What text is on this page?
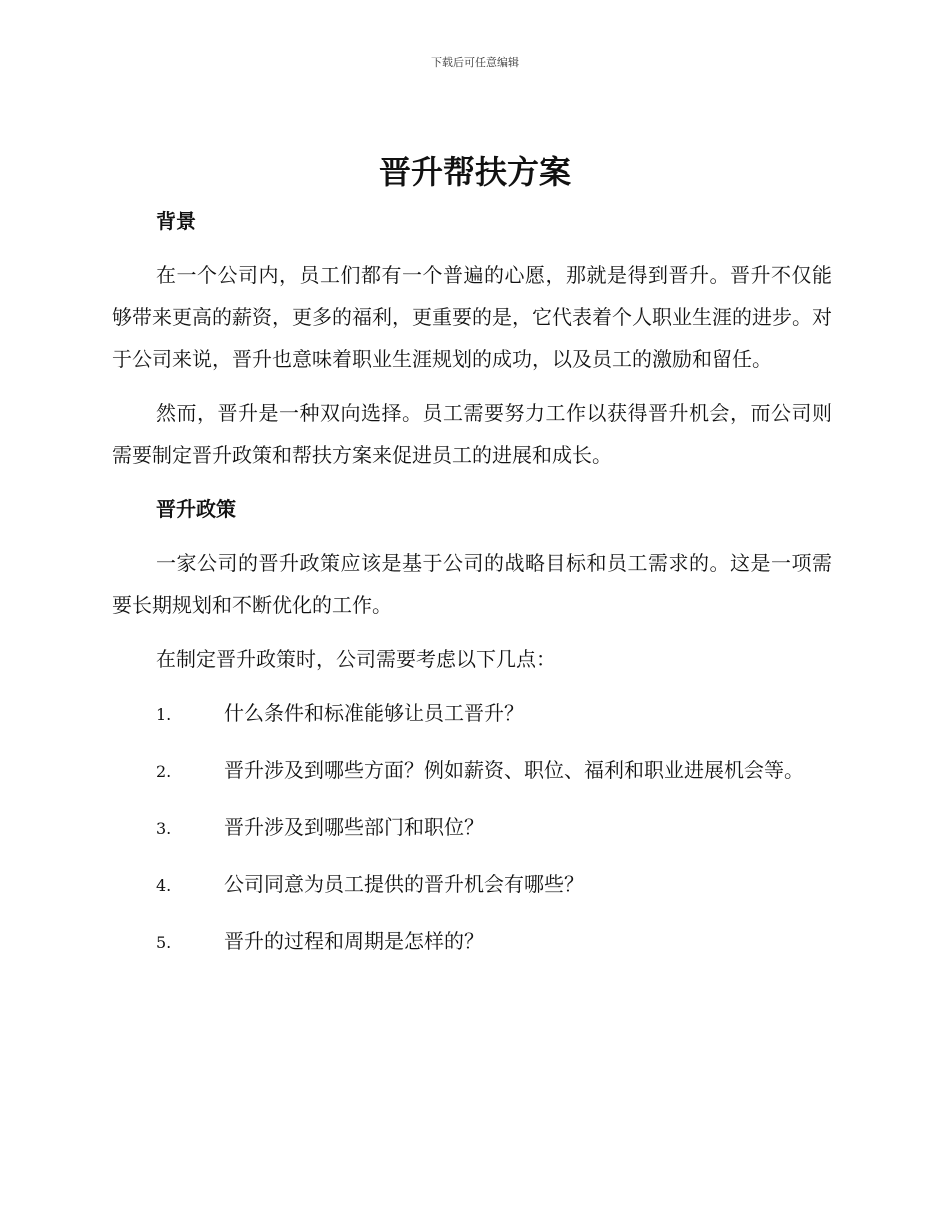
下载后可任意编辑
晋升帮扶方案
背景

在一个公司内，员工们都有一个普遍的心愿，那就是得到晋升。晋升不仅能够带来更高的薪资，更多的福利，更重要的是，它代表着个人职业生涯的进步。对于公司来说，晋升也意味着职业生涯规划的成功，以及员工的激励和留任。

然而，晋升是一种双向选择。员工需要努力工作以获得晋升机会，而公司则需要制定晋升政策和帮扶方案来促进员工的进展和成长。

晋升政策

一家公司的晋升政策应该是基于公司的战略目标和员工需求的。这是一项需要长期规划和不断优化的工作。

在制定晋升政策时，公司需要考虑以下几点：

1.	什么条件和标准能够让员工晋升？
2.	晋升涉及到哪些方面？例如薪资、职位、福利和职业进展机会等。
3.	晋升涉及到哪些部门和职位？
4.	公司同意为员工提供的晋升机会有哪些？
5.	晋升的过程和周期是怎样的？
